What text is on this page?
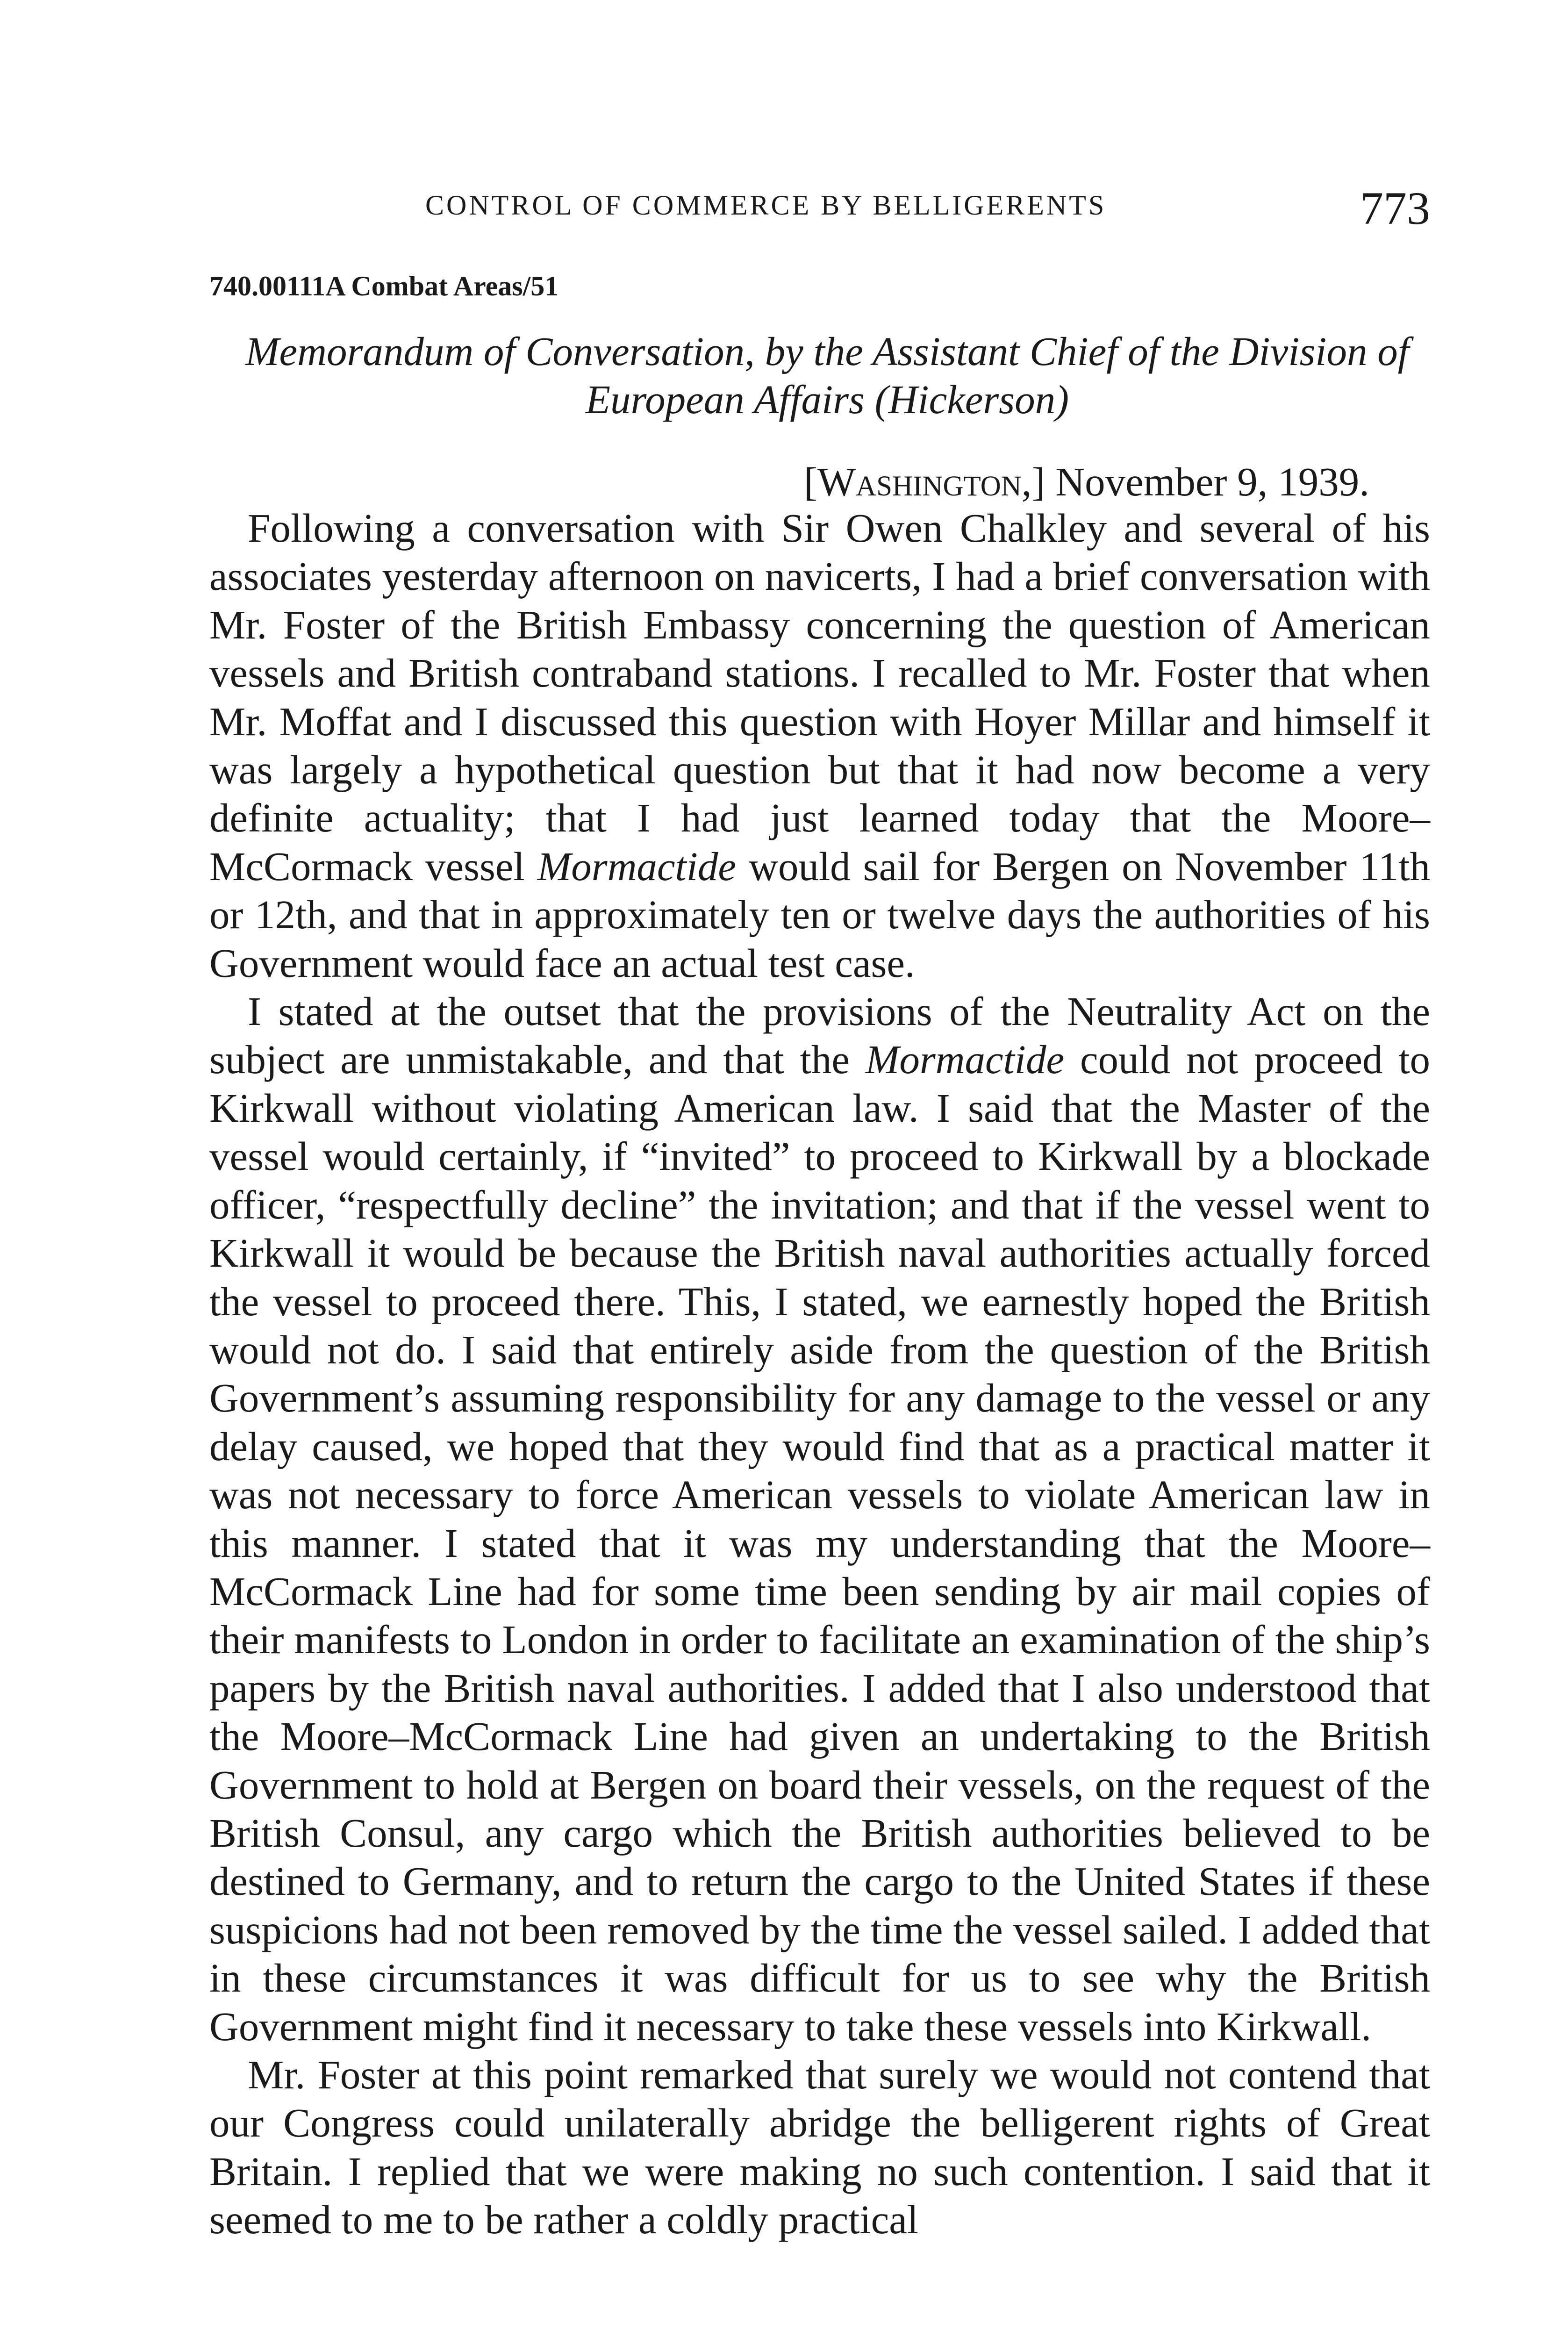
CONTROL OF COMMERCE BY BELLIGERENTS	773
740.00111A Combat Areas/51
Memorandum of Conversation, by the Assistant Chief of the Division of European Affairs (Hickerson)
[Washington,] November 9, 1939.

Following a conversation with Sir Owen Chalkley and several of his associates yesterday afternoon on navicerts, I had a brief conversation with Mr. Foster of the British Embassy concerning the question of American vessels and British contraband stations. I recalled to Mr. Foster that when Mr. Moffat and I discussed this question with Hoyer Millar and himself it was largely a hypothetical question but that it had now become a very definite actuality; that I had just learned today that the Moore–McCormack vessel Mormactide would sail for Bergen on November 11th or 12th, and that in approximately ten or twelve days the authorities of his Government would face an actual test case.

I stated at the outset that the provisions of the Neutrality Act on the subject are unmistakable, and that the Mormactide could not proceed to Kirkwall without violating American law. I said that the Master of the vessel would certainly, if “invited” to proceed to Kirkwall by a blockade officer, “respectfully decline” the invitation; and that if the vessel went to Kirkwall it would be because the British naval authorities actually forced the vessel to proceed there. This, I stated, we earnestly hoped the British would not do. I said that entirely aside from the question of the British Government’s assuming responsibility for any damage to the vessel or any delay caused, we hoped that they would find that as a practical matter it was not necessary to force American vessels to violate American law in this manner. I stated that it was my understanding that the Moore–McCormack Line had for some time been sending by air mail copies of their manifests to London in order to facilitate an examination of the ship’s papers by the British naval authorities. I added that I also understood that the Moore–McCormack Line had given an undertaking to the British Government to hold at Bergen on board their vessels, on the request of the British Consul, any cargo which the British authorities believed to be destined to Germany, and to return the cargo to the United States if these suspicions had not been removed by the time the vessel sailed. I added that in these circumstances it was difficult for us to see why the British Government might find it necessary to take these vessels into Kirkwall.

Mr. Foster at this point remarked that surely we would not contend that our Congress could unilaterally abridge the belligerent rights of Great Britain. I replied that we were making no such contention. I said that it seemed to me to be rather a coldly practical
